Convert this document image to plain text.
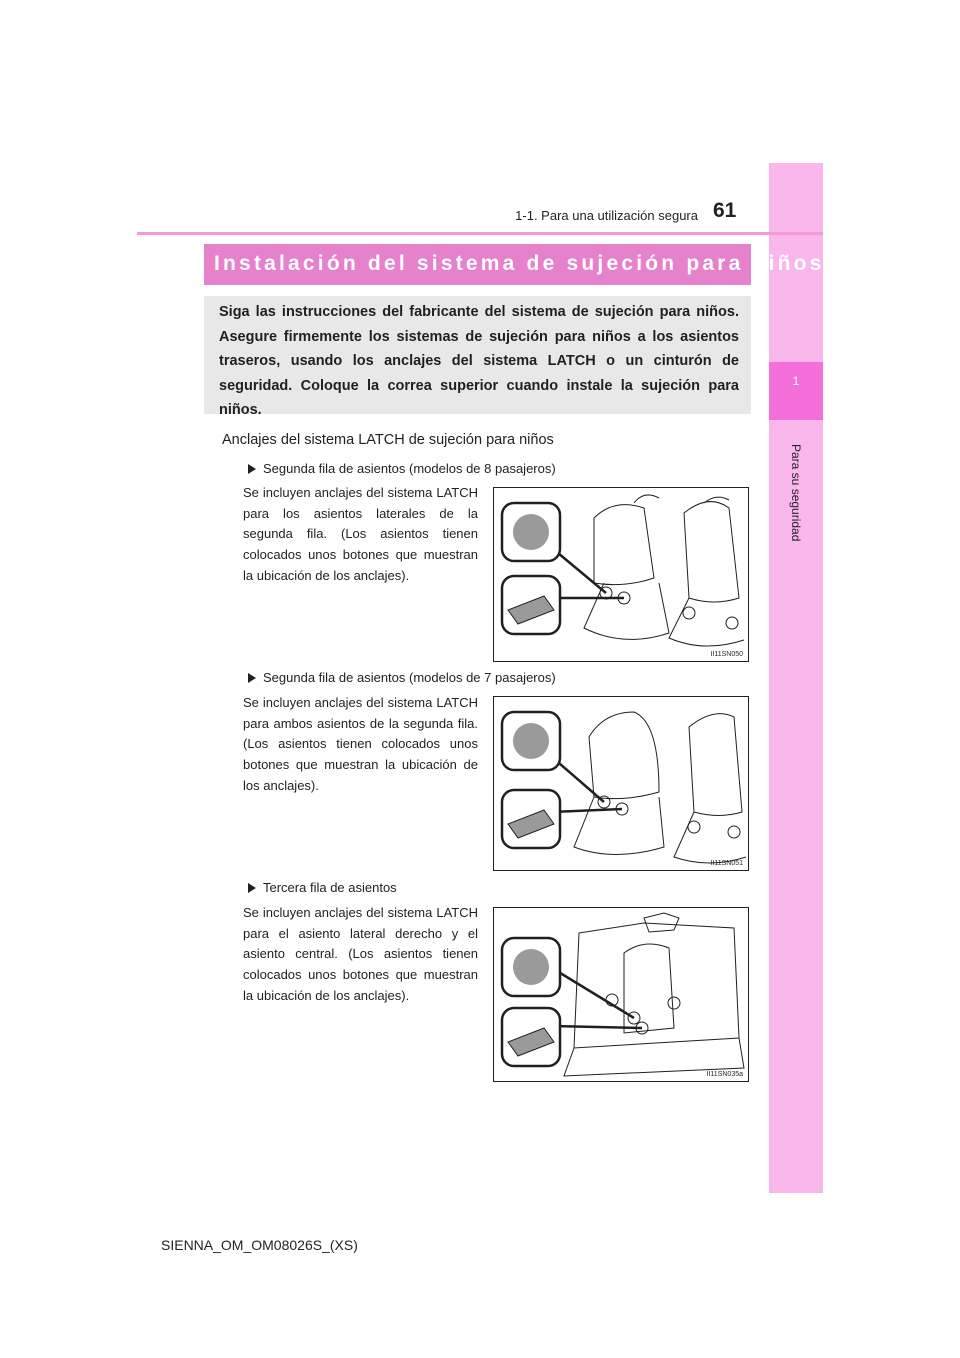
1
Para su seguridad
1-1. Para una utilización segura 61
Instalación del sistema de sujeción para niños
Siga las instrucciones del fabricante del sistema de sujeción para niños. Asegure firmemente los sistemas de sujeción para niños a los asientos traseros, usando los anclajes del sistema LATCH o un cinturón de seguridad. Coloque la correa superior cuando instale la sujeción para niños.
Anclajes del sistema LATCH de sujeción para niños
Segunda fila de asientos (modelos de 8 pasajeros)
Se incluyen anclajes del sistema LATCH para los asientos laterales de la segunda fila. (Los asientos tienen colocados unos botones que muestran la ubicación de los anclajes).
II11SN050
Segunda fila de asientos (modelos de 7 pasajeros)
Se incluyen anclajes del sistema LATCH para ambos asientos de la segunda fila. (Los asientos tienen colocados unos botones que muestran la ubicación de los anclajes).
II11SN051
Tercera fila de asientos
Se incluyen anclajes del sistema LATCH para el asiento lateral derecho y el asiento central. (Los asientos tienen colocados unos botones que muestran la ubicación de los anclajes).
II11SN035a
SIENNA_OM_OM08026S_(XS)
